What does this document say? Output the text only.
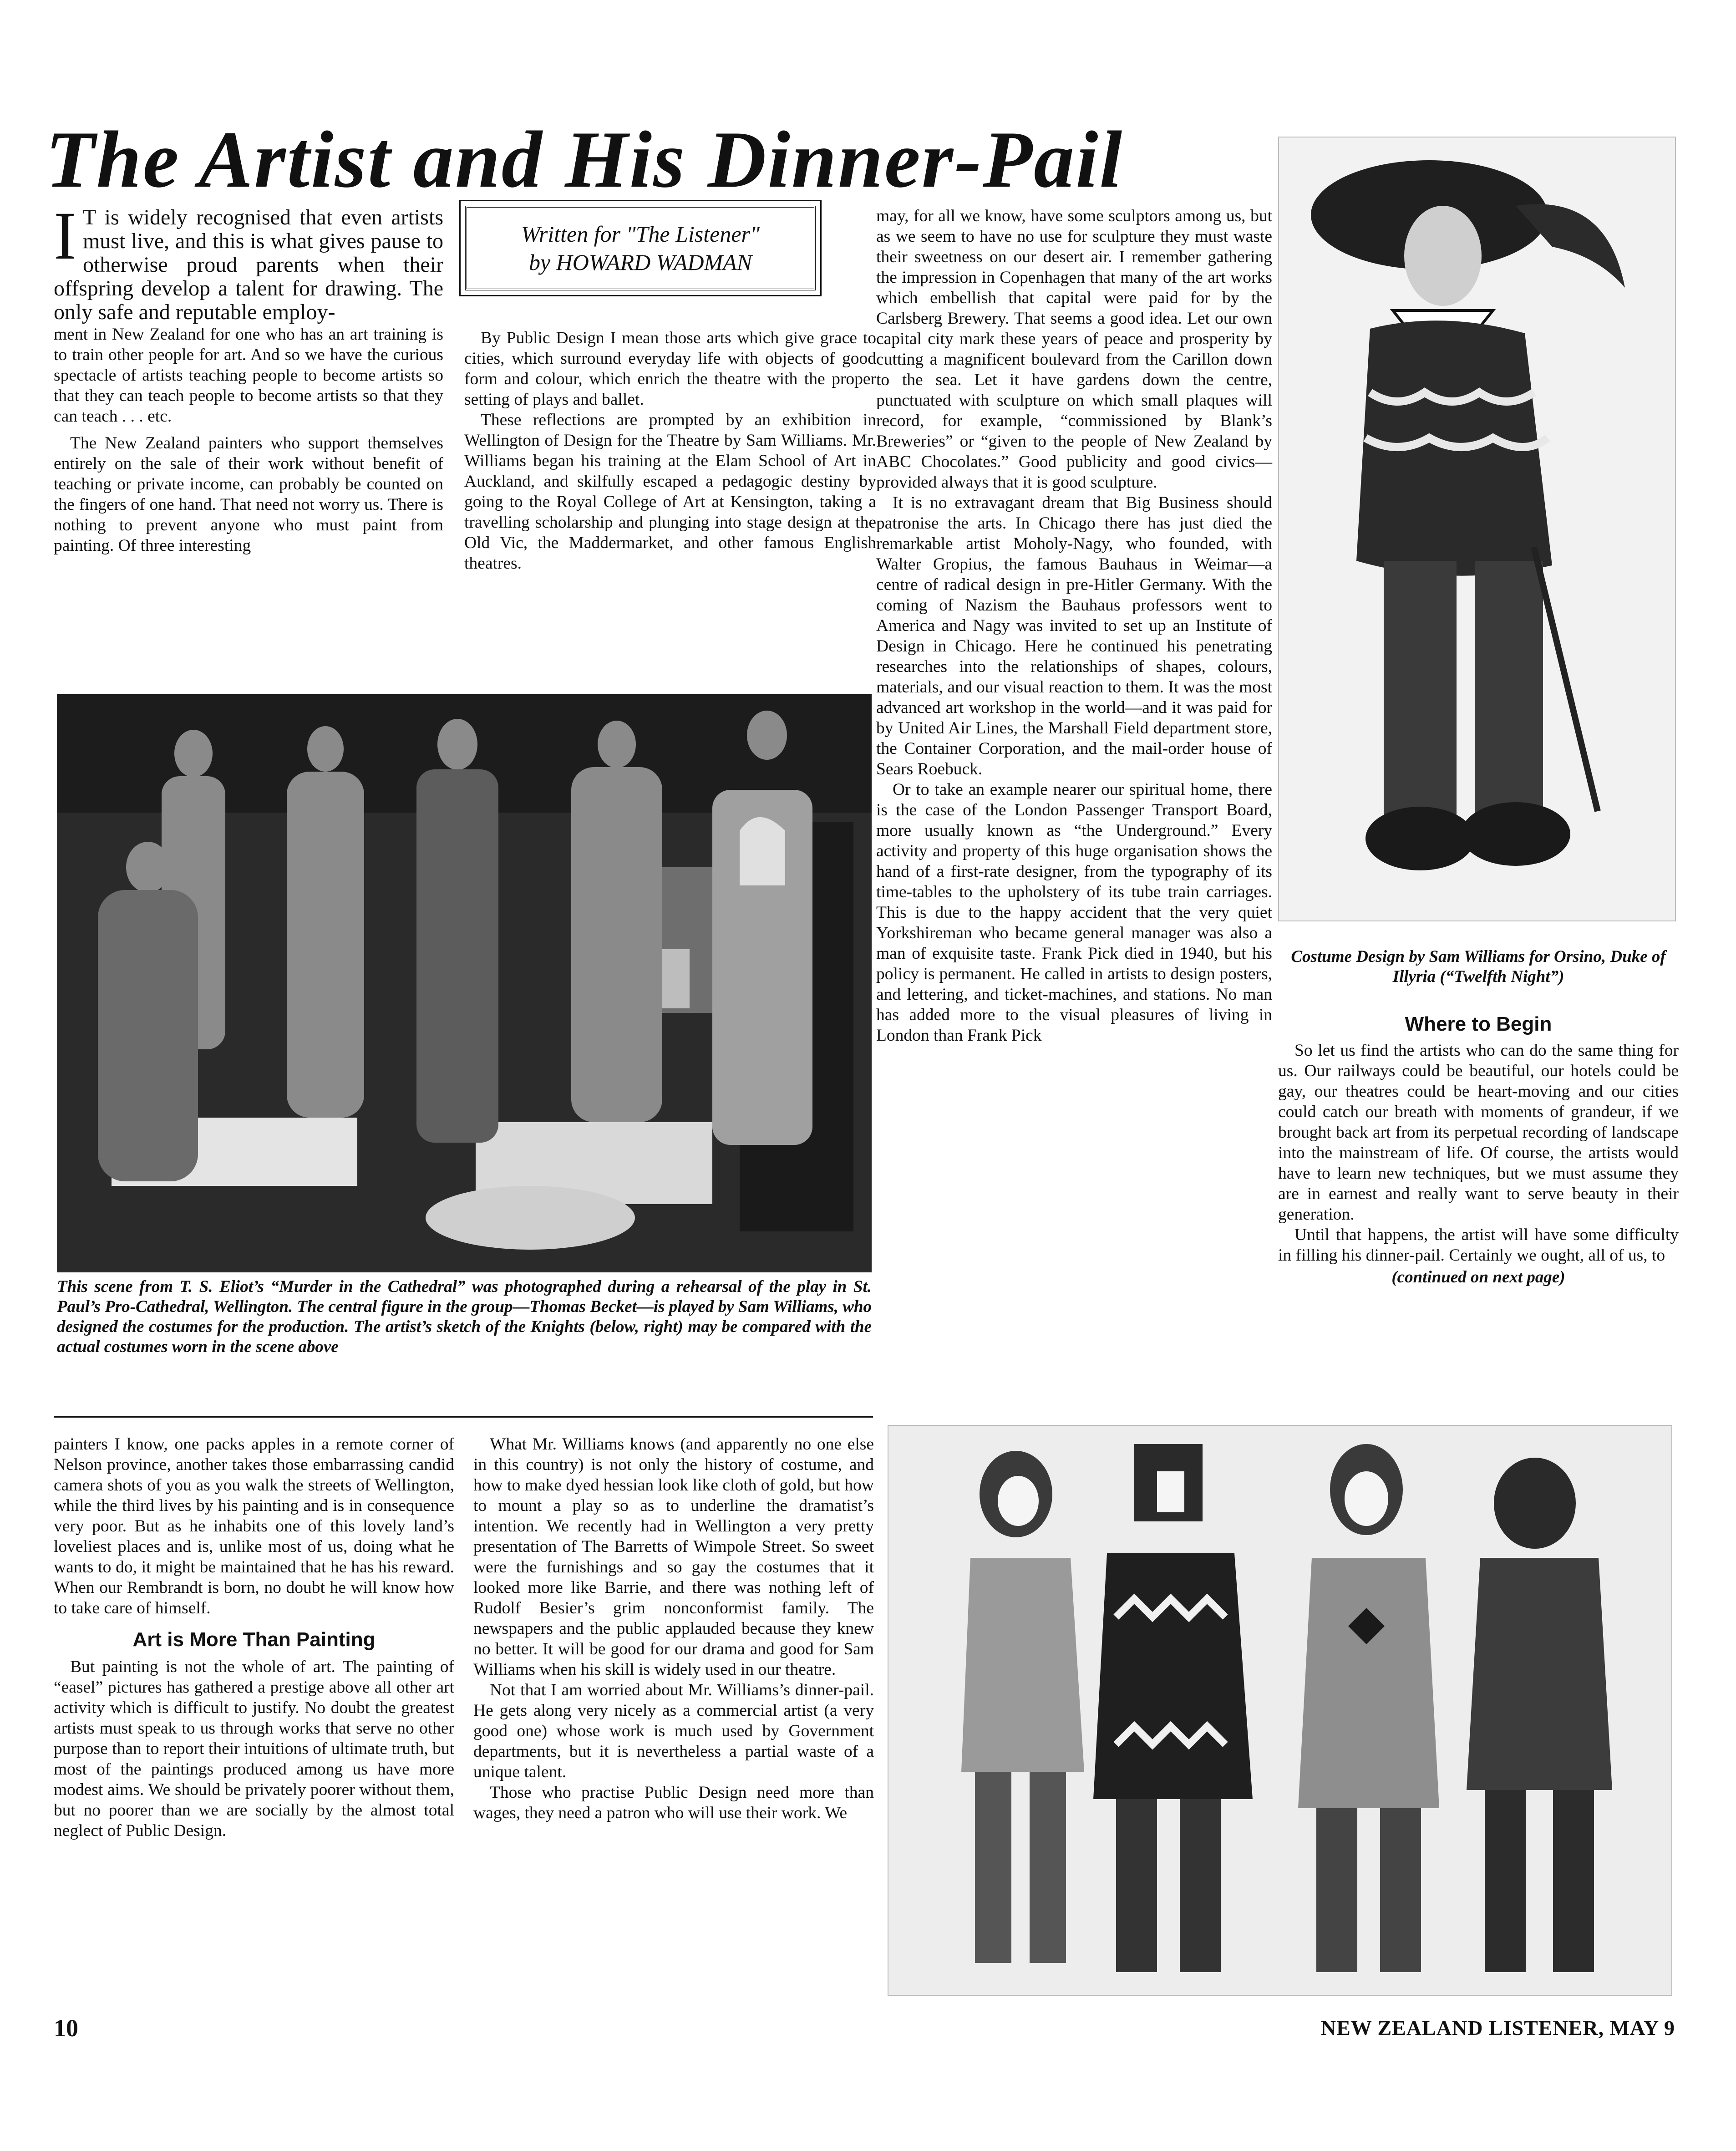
The Artist and His Dinner-Pail
Written for "The Listener"
by HOWARD WADMAN

I T is widely recognised that even artists must live, and this is what gives pause to otherwise proud parents when their offspring develop a talent for drawing. The only safe and reputable employ-

ment in New Zealand for one who has an art training is to train other people for art. And so we have the curious spectacle of artists teaching people to become artists so that they can teach people to become artists so that they can teach . . . etc.

The New Zealand painters who support themselves entirely on the sale of their work without benefit of teaching or private income, can probably be counted on the fingers of one hand. That need not worry us. There is nothing to prevent anyone who must paint from painting. Of three interesting

By Public Design I mean those arts which give grace to cities, which surround everyday life with objects of good form and colour, which enrich the theatre with the proper setting of plays and ballet.

These reflections are prompted by an exhibition in Wellington of Design for the Theatre by Sam Williams. Mr. Williams began his training at the Elam School of Art in Auckland, and skilfully escaped a pedagogic destiny by going to the Royal College of Art at Kensington, taking a travelling scholarship and plunging into stage design at the Old Vic, the Maddermarket, and other famous English theatres.

may, for all we know, have some sculptors among us, but as we seem to have no use for sculpture they must waste their sweetness on our desert air. I remember gathering the impression in Copenhagen that many of the art works which embellish that capital were paid for by the Carlsberg Brewery. That seems a good idea. Let our own capital city mark these years of peace and prosperity by cutting a magnificent boulevard from the Carillon down to the sea. Let it have gardens down the centre, punctuated with sculpture on which small plaques will record, for example, “commissioned by Blank’s Breweries” or “given to the people of New Zealand by ABC Chocolates.” Good publicity and good civics—provided always that it is good sculpture.

It is no extravagant dream that Big Business should patronise the arts. In Chicago there has just died the remarkable artist Moholy-Nagy, who founded, with Walter Gropius, the famous Bauhaus in Weimar—a centre of radical design in pre-Hitler Germany. With the coming of Nazism the Bauhaus professors went to America and Nagy was invited to set up an Institute of Design in Chicago. Here he continued his penetrating researches into the relationships of shapes, colours, materials, and our visual reaction to them. It was the most advanced art workshop in the world—and it was paid for by United Air Lines, the Marshall Field department store, the Container Corporation, and the mail-order house of Sears Roebuck.

Or to take an example nearer our spiritual home, there is the case of the London Passenger Transport Board, more usually known as “the Underground.” Every activity and property of this huge organisation shows the hand of a first-rate designer, from the typography of its time-tables to the upholstery of its tube train carriages. This is due to the happy accident that the very quiet Yorkshireman who became general manager was also a man of exquisite taste. Frank Pick died in 1940, but his policy is permanent. He called in artists to design posters, and lettering, and ticket-machines, and stations. No man has added more to the visual pleasures of living in London than Frank Pick

This scene from T. S. Eliot’s “Murder in the Cathedral” was photographed during a rehearsal of the play in St. Paul’s Pro-Cathedral, Wellington. The central figure in the group—Thomas Becket—is played by Sam Williams, who designed the costumes for the production. The artist’s sketch of the Knights (below, right) may be compared with the actual costumes worn in the scene above
Costume Design by Sam Williams for Orsino, Duke of Illyria (“Twelfth Night”)
Where to Begin

So let us find the artists who can do the same thing for us. Our railways could be beautiful, our hotels could be gay, our theatres could be heart-moving and our cities could catch our breath with moments of grandeur, if we brought back art from its perpetual recording of landscape into the mainstream of life. Of course, the artists would have to learn new techniques, but we must assume they are in earnest and really want to serve beauty in their generation.

Until that happens, the artist will have some difficulty in filling his dinner-pail. Certainly we ought, all of us, to

(continued on next page)

painters I know, one packs apples in a remote corner of Nelson province, another takes those embarrassing candid camera shots of you as you walk the streets of Wellington, while the third lives by his painting and is in consequence very poor. But as he inhabits one of this lovely land’s loveliest places and is, unlike most of us, doing what he wants to do, it might be maintained that he has his reward. When our Rembrandt is born, no doubt he will know how to take care of himself.

Art is More Than Painting

But painting is not the whole of art. The painting of “easel” pictures has gathered a prestige above all other art activity which is difficult to justify. No doubt the greatest artists must speak to us through works that serve no other purpose than to report their intuitions of ultimate truth, but most of the paintings produced among us have more modest aims. We should be privately poorer without them, but no poorer than we are socially by the almost total neglect of Public Design.

What Mr. Williams knows (and apparently no one else in this country) is not only the history of costume, and how to make dyed hessian look like cloth of gold, but how to mount a play so as to underline the dramatist’s intention. We recently had in Wellington a very pretty presentation of The Barretts of Wimpole Street. So sweet were the furnishings and so gay the costumes that it looked more like Barrie, and there was nothing left of Rudolf Besier’s grim nonconformist family. The newspapers and the public applauded because they knew no better. It will be good for our drama and good for Sam Williams when his skill is widely used in our theatre.

Not that I am worried about Mr. Williams’s dinner-pail. He gets along very nicely as a commercial artist (a very good one) whose work is much used by Government departments, but it is nevertheless a partial waste of a unique talent.

Those who practise Public Design need more than wages, they need a patron who will use their work. We

10	NEW ZEALAND LISTENER, MAY 9
